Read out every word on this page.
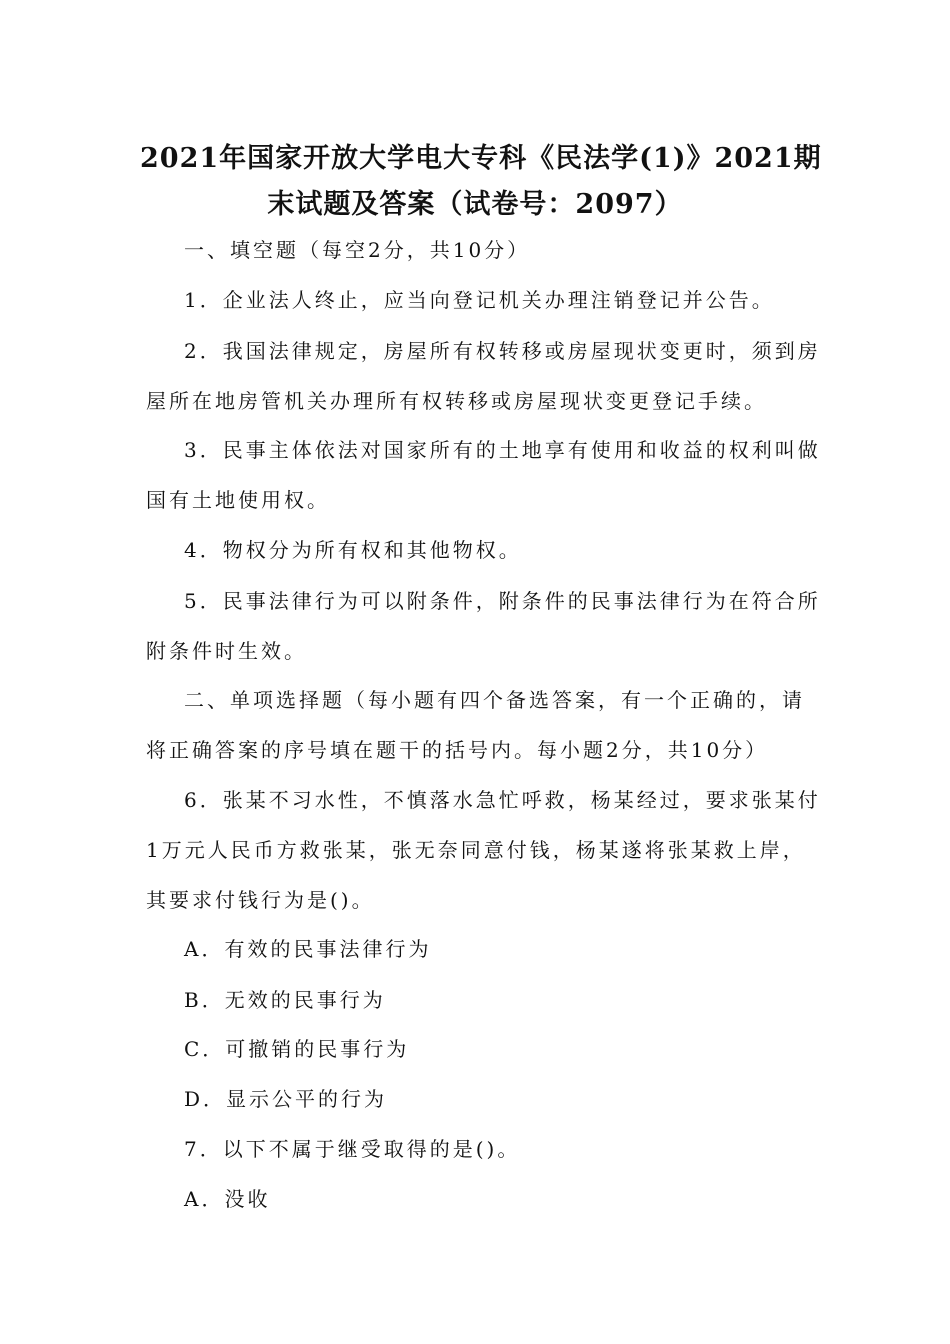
2021年国家开放大学电大专科《民法学(1)》2021期
末试题及答案（试卷号：2097）
一、填空题（每空2分，共10分）
1．企业法人终止，应当向登记机关办理注销登记并公告。
2．我国法律规定，房屋所有权转移或房屋现状变更时，须到房
屋所在地房管机关办理所有权转移或房屋现状变更登记手续。
3．民事主体依法对国家所有的土地享有使用和收益的权利叫做
国有土地使用权。
4．物权分为所有权和其他物权。
5．民事法律行为可以附条件，附条件的民事法律行为在符合所
附条件时生效。
二、单项选择题（每小题有四个备选答案，有一个正确的，请
将正确答案的序号填在题干的括号内。每小题2分，共10分）
6．张某不习水性，不慎落水急忙呼救，杨某经过，要求张某付
1万元人民币方救张某，张无奈同意付钱，杨某遂将张某救上岸，
其要求付钱行为是()。
A．有效的民事法律行为
B．无效的民事行为
C．可撤销的民事行为
D．显示公平的行为
7．以下不属于继受取得的是()。
A．没收
